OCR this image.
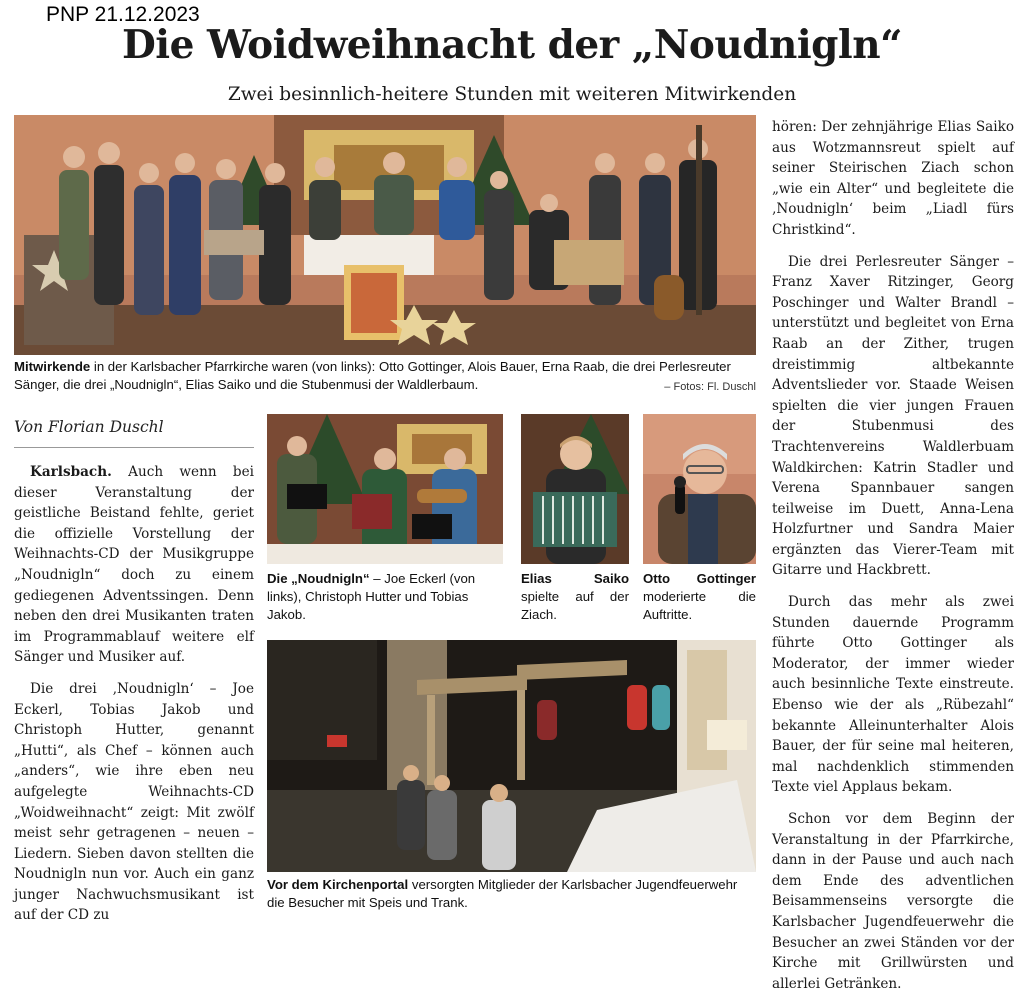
PNP 21.12.2023
Die Woidweihnacht der „Noudnigln“
Zwei besinnlich-heitere Stunden mit weiteren Mitwirkenden
Mitwirkende in der Karlsbacher Pfarrkirche waren (von links): Otto Gottinger, Alois Bauer, Erna Raab, die drei Perlesreuter Sänger, die drei „Noudnigln“, Elias Saiko und die Stubenmusi der Waldlerbaum.	– Fotos: Fl. Duschl
Von Florian Duschl

Karlsbach. Auch wenn bei dieser Veranstaltung der geistliche Beistand fehlte, geriet die offizielle Vorstellung der Weihnachts-CD der Musikgruppe „Noudnigln“ doch zu einem gediegenen Adventssingen. Denn neben den drei Musikanten traten im Programmablauf weitere elf Sänger und Musiker auf.

Die drei ‚Noudnigln‘ – Joe Eckerl, Tobias Jakob und Christoph Hutter, genannt „Hutti“, als Chef – können auch „anders“, wie ihre eben neu aufgelegte Weihnachts-CD „Woidweihnacht“ zeigt: Mit zwölf meist sehr getragenen – neuen – Liedern. Sieben davon stellten die Noudnigln nun vor. Auch ein ganz junger Nachwuchsmusikant ist auf der CD zu

Die „Noudnigln“ – Joe Eckerl (von links), Christoph Hutter und Tobias Jakob.
Elias Saiko spielte auf der Ziach.
Otto Gottinger moderierte die Auftritte.
Vor dem Kirchenportal versorgten Mitglieder der Karlsbacher Jugendfeuerwehr die Besucher mit Speis und Trank.

hören: Der zehnjährige Elias Saiko aus Wotzmannsreut spielt auf seiner Steirischen Ziach schon „wie ein Alter“ und begleitete die ‚Noudnigln‘ beim „Liadl fürs Christkind“.

Die drei Perlesreuter Sänger – Franz Xaver Ritzinger, Georg Poschinger und Walter Brandl – unterstützt und begleitet von Erna Raab an der Zither, trugen dreistimmig altbekannte Adventslieder vor. Staade Weisen spielten die vier jungen Frauen der Stubenmusi des Trachtenvereins Waldlerbuam Waldkirchen: Katrin Stadler und Verena Spannbauer sangen teilweise im Duett, Anna-Lena Holzfurtner und Sandra Maier ergänzten das Vierer-Team mit Gitarre und Hackbrett.

Durch das mehr als zwei Stunden dauernde Programm führte Otto Gottinger als Moderator, der immer wieder auch besinnliche Texte einstreute. Ebenso wie der als „Rübezahl“ bekannte Alleinunterhalter Alois Bauer, der für seine mal heiteren, mal nachdenklich stimmenden Texte viel Applaus bekam.

Schon vor dem Beginn der Veranstaltung in der Pfarrkirche, dann in der Pause und auch nach dem Ende des adventlichen Beisammenseins versorgte die Karlsbacher Jugendfeuerwehr die Besucher an zwei Ständen vor der Kirche mit Grillwürsten und allerlei Getränken.
